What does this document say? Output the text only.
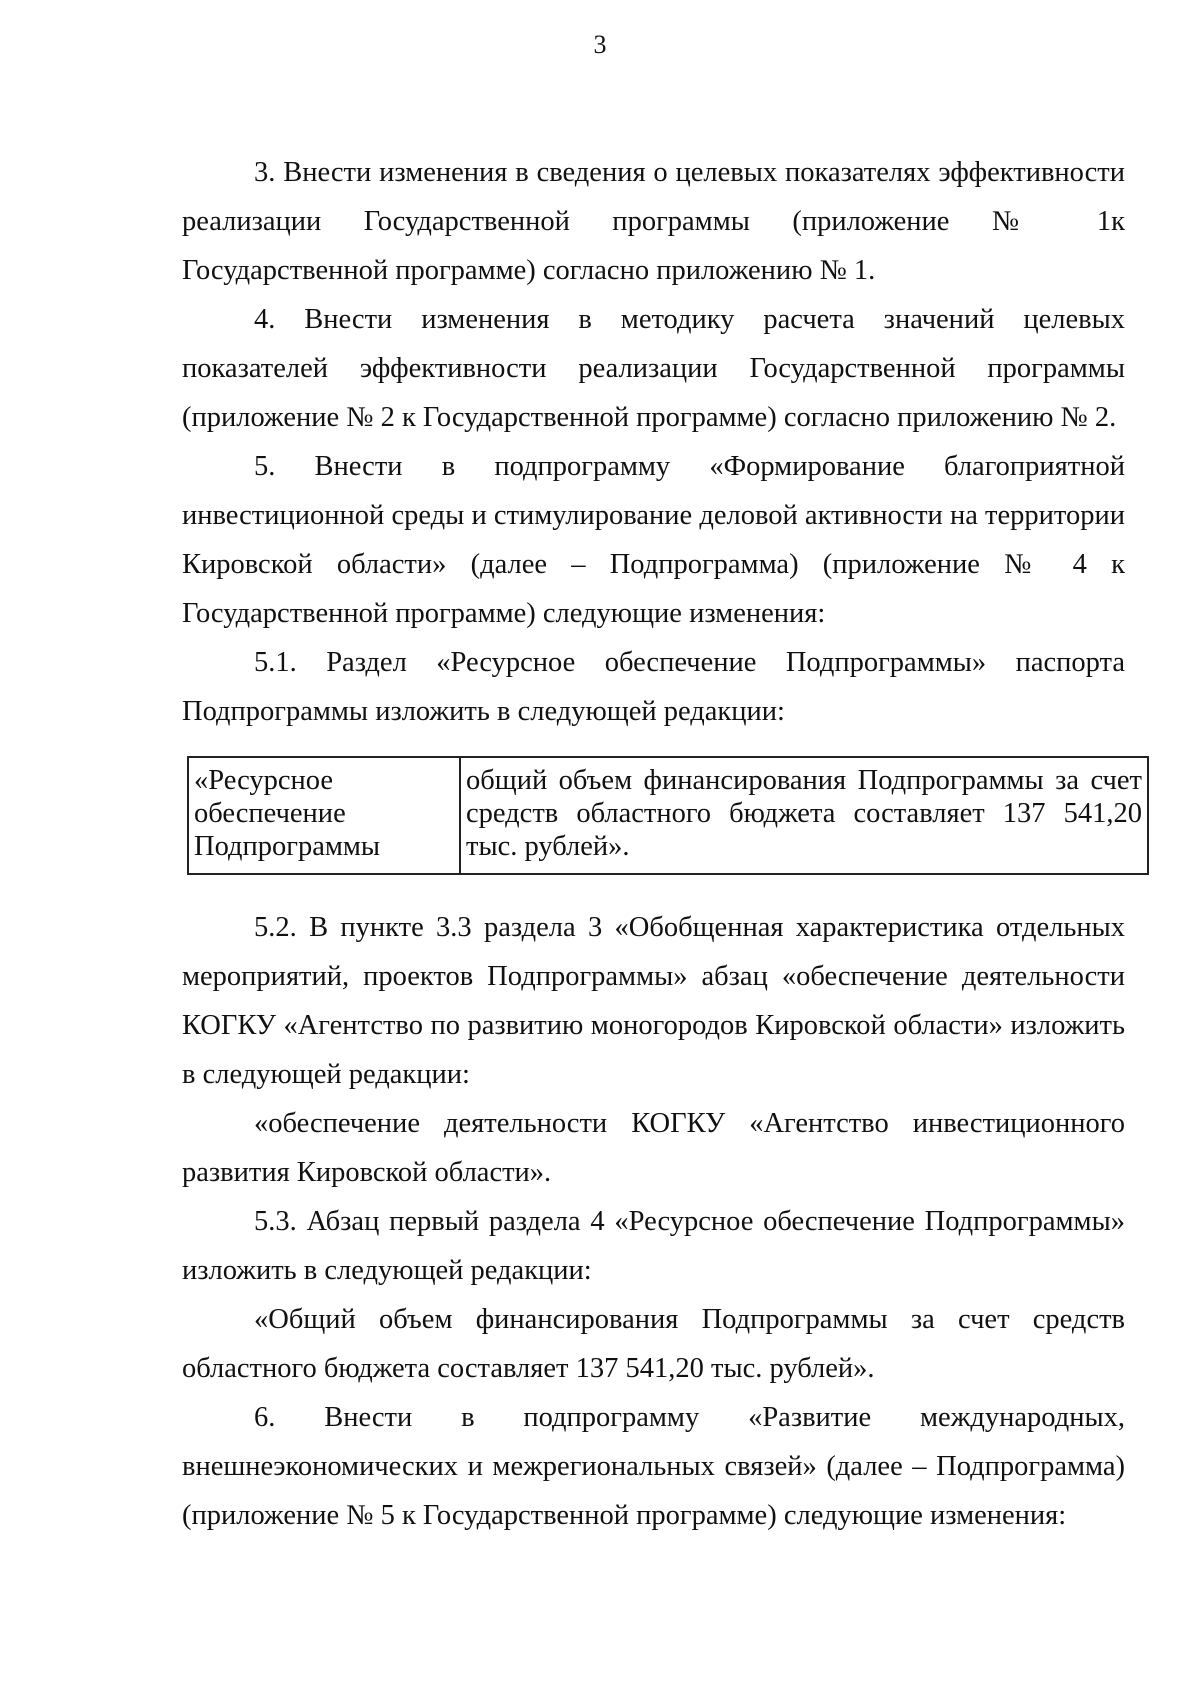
3

3. Внести изменения в сведения о целевых показателях эффективности реализации Государственной программы (приложение № 1к Государственной программе) согласно приложению № 1.

4. Внести изменения в методику расчета значений целевых показателей эффективности реализации Государственной программы (приложение № 2 к Государственной программе) согласно приложению № 2.

5. Внести в подпрограмму «Формирование благоприятной инвестиционной среды и стимулирование деловой активности на территории Кировской области» (далее – Подпрограмма) (приложение № 4 к Государственной программе) следующие изменения:

5.1. Раздел «Ресурсное обеспечение Подпрограммы» паспорта Подпрограммы изложить в следующей редакции:

«Ресурсное
обеспечение
Подпрограммы
	общий объем финансирования Подпрограммы за счет средств областного бюджета составляет 137 541,20 тыс. рублей».

5.2. В пункте 3.3 раздела 3 «Обобщенная характеристика отдельных мероприятий, проектов Подпрограммы» абзац «обеспечение деятельности КОГКУ «Агентство по развитию моногородов Кировской области» изложить в следующей редакции:

«обеспечение деятельности КОГКУ «Агентство инвестиционного развития Кировской области».

5.3. Абзац первый раздела 4 «Ресурсное обеспечение Подпрограммы» изложить в следующей редакции:

«Общий объем финансирования Подпрограммы за счет средств областного бюджета составляет 137 541,20 тыс. рублей».

6. Внести в подпрограмму «Развитие международных, внешнеэкономических и межрегиональных связей» (далее – Подпрограмма) (приложение № 5 к Государственной программе) следующие изменения:
